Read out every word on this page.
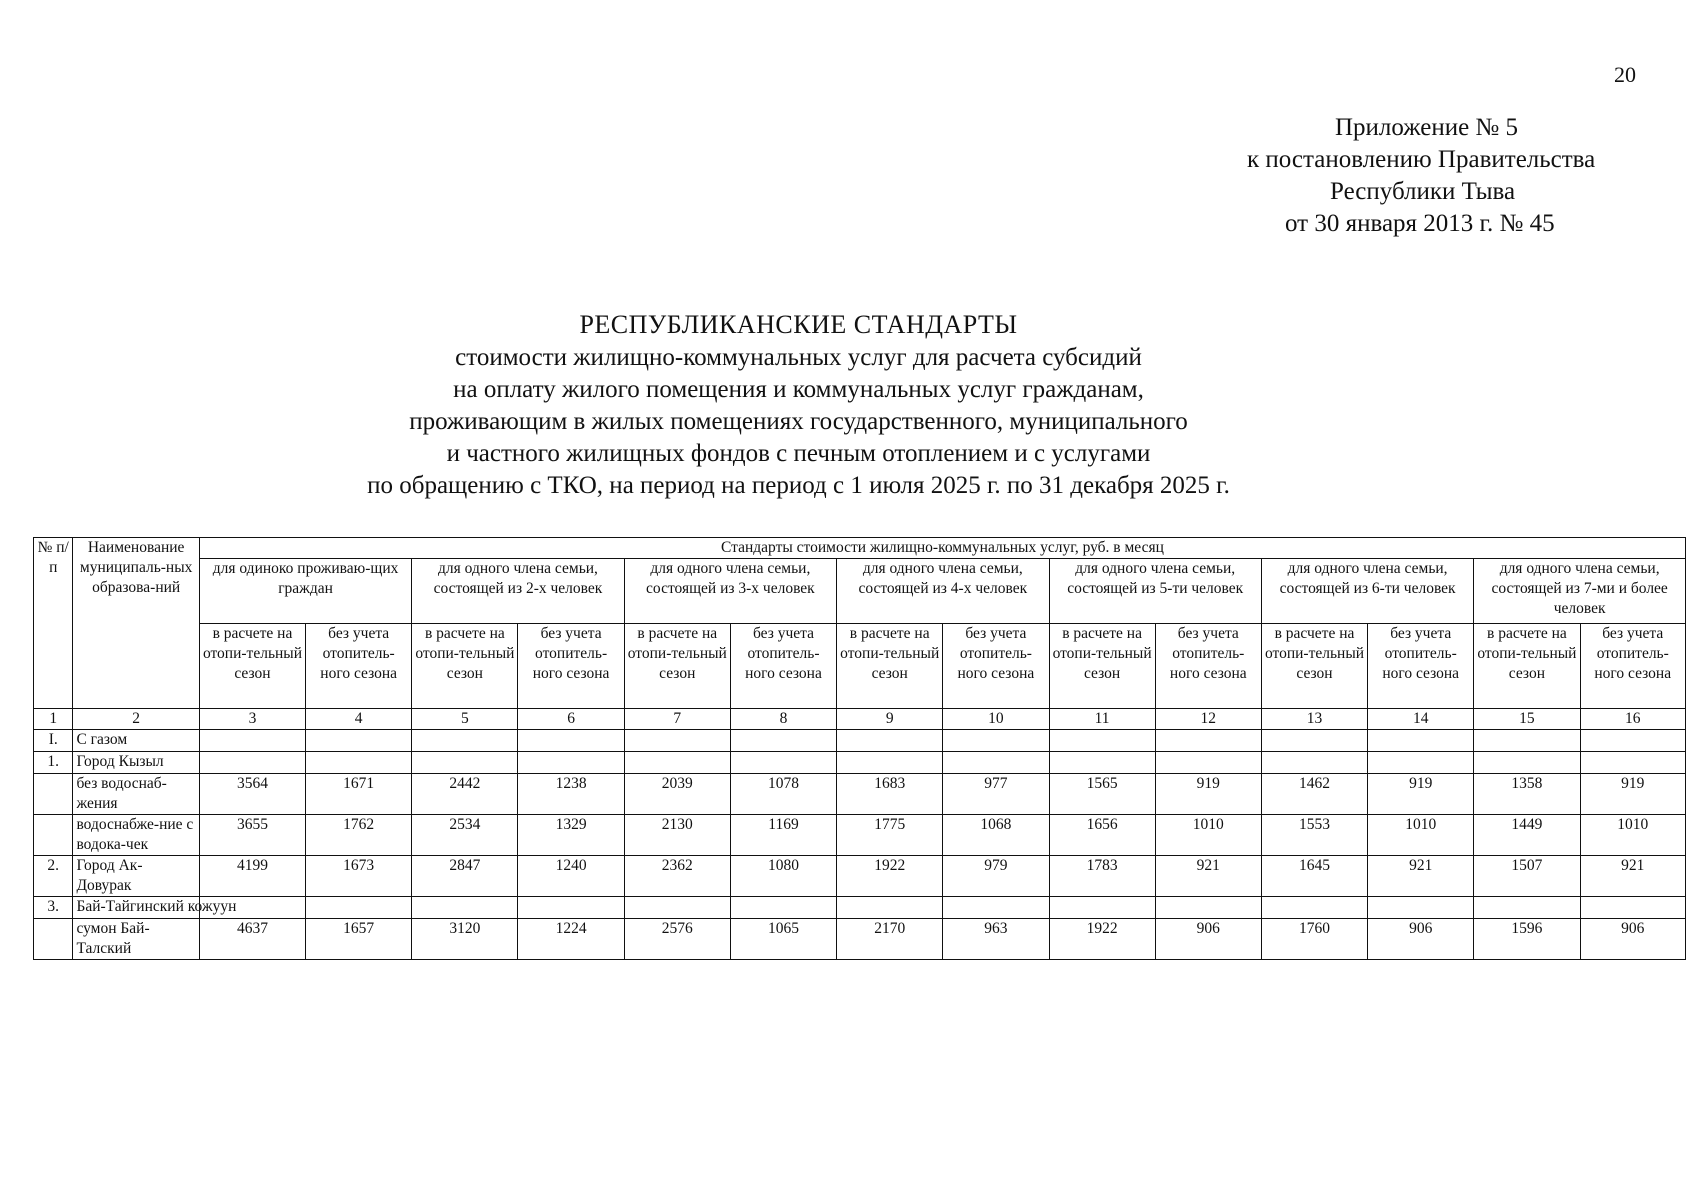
20
Приложение № 5
к постановлению Правительства
Республики Тыва
от 30 января 2013 г. № 45
РЕСПУБЛИКАНСКИЕ СТАНДАРТЫ
стоимости жилищно-коммунальных услуг для расчета субсидий
на оплату жилого помещения и коммунальных услуг гражданам,
проживающим в жилых помещениях государственного, муниципального
и частного жилищных фондов с печным отоплением и с услугами
по обращению с ТКО, на период на период с 1 июля 2025 г. по 31 декабря 2025 г.
№ п/п	Наименование муниципаль-ных образова-ний	Стандарты стоимости жилищно-коммунальных услуг, руб. в месяц													
		для одиноко проживаю-щих граждан		для одного члена семьи, состоящей из 2-х человек		для одного члена семьи, состоящей из 3-х человек		для одного члена семьи, состоящей из 4-х человек		для одного члена семьи, состоящей из 5-ти человек		для одного члена семьи, состоящей из 6-ти человек		для одного члена семьи, состоящей из 7-ми и более человек	
		в расчете на отопи-тельный сезон	без учета отопитель-ного сезона	в расчете на отопи-тельный сезон	без учета отопитель-ного сезона	в расчете на отопи-тельный сезон	без учета отопитель-ного сезона	в расчете на отопи-тельный сезон	без учета отопитель-ного сезона	в расчете на отопи-тельный сезон	без учета отопитель-ного сезона	в расчете на отопи-тельный сезон	без учета отопитель-ного сезона	в расчете на отопи-тельный сезон	без учета отопитель-ного сезона
1	2	3	4	5	6	7	8	9	10	11	12	13	14	15	16
I.	С газом														
1.	Город Кызыл														
	без водоснаб-жения	3564	1671	2442	1238	2039	1078	1683	977	1565	919	1462	919	1358	919
	водоснабже-ние с водока-чек	3655	1762	2534	1329	2130	1169	1775	1068	1656	1010	1553	1010	1449	1010
2.	Город Ак-Довурак	4199	1673	2847	1240	2362	1080	1922	979	1783	921	1645	921	1507	921
3.	Бай-Тайгинский кожуун														
	сумон Бай-Талский	4637	1657	3120	1224	2576	1065	2170	963	1922	906	1760	906	1596	906
